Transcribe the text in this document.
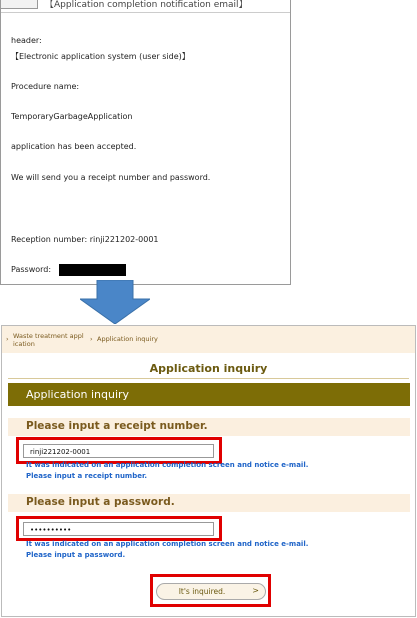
【Application completion notification email】
header:
【Electronic application system (user side)】
Procedure name:
TemporaryGarbageApplication
application has been accepted.
We will send you a receipt number and password.
Reception number: rinji221202-0001
Password:
› Waste treatment appl ication
› Application inquiry
Application inquiry
Application inquiry
Please input a receipt number.
rinji221202-0001
It was indicated on an application completion screen and notice e-mail.
Please input a receipt number.
Please input a password.
••••••••••
It was indicated on an application completion screen and notice e-mail.
Please input a password.
It's inquired.	>
